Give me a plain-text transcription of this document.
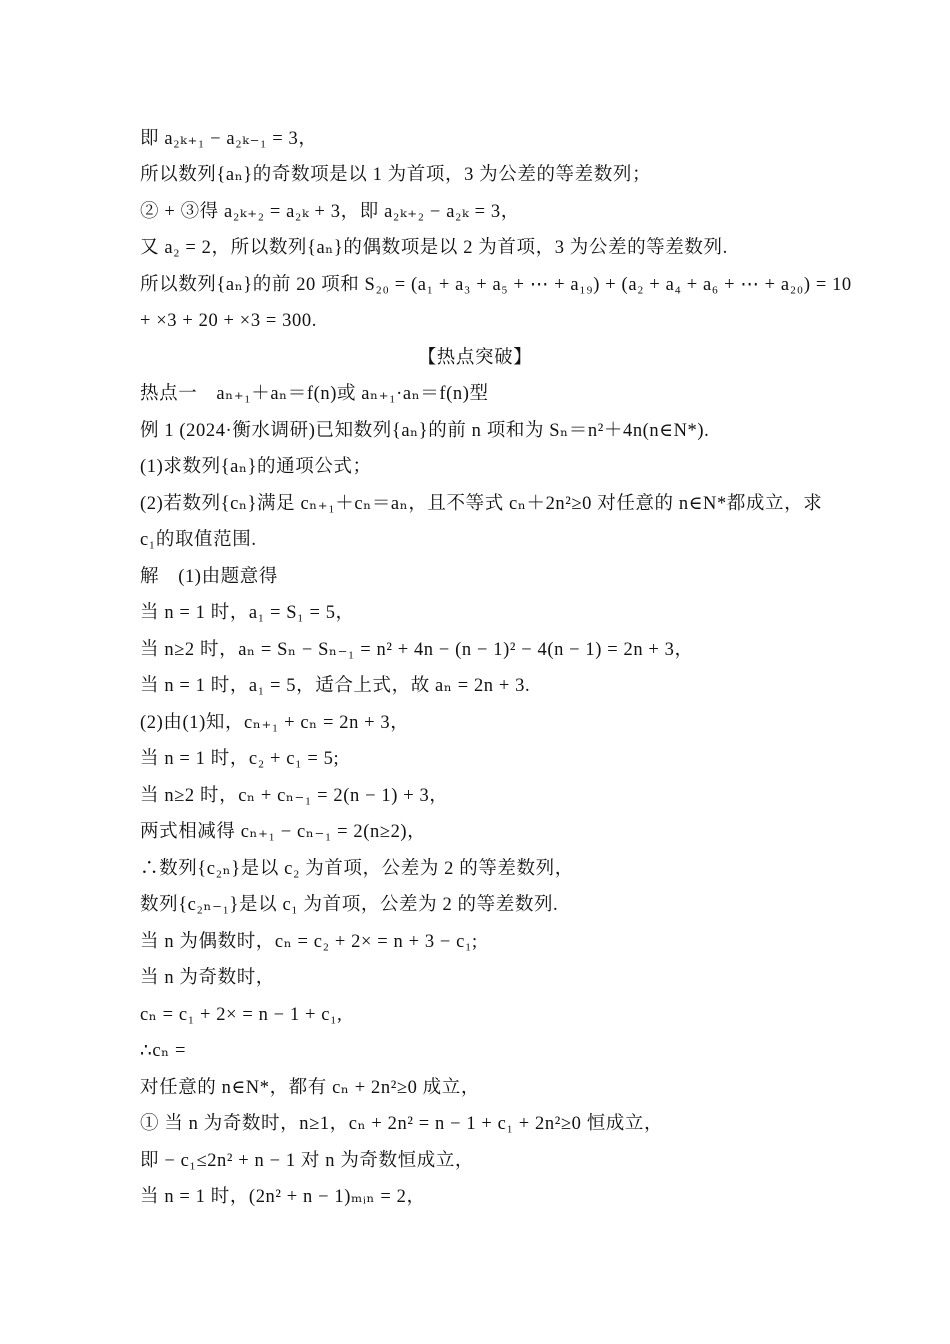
即 a₂ₖ₊₁ − a₂ₖ₋₁ = 3，
所以数列{aₙ}的奇数项是以 1 为首项，3 为公差的等差数列；
② + ③得 a₂ₖ₊₂ = a₂ₖ + 3，即 a₂ₖ₊₂ − a₂ₖ = 3，
又 a₂ = 2，所以数列{aₙ}的偶数项是以 2 为首项，3 为公差的等差数列.
所以数列{aₙ}的前 20 项和 S₂₀ = (a₁ + a₃ + a₅ + ⋯ + a₁₉) + (a₂ + a₄ + a₆ + ⋯ + a₂₀) = 10
+ ×3 + 20 + ×3 = 300.
【热点突破】
热点一　aₙ₊₁＋aₙ＝f(n)或 aₙ₊₁·aₙ＝f(n)型
例 1 (2024·衡水调研)已知数列{aₙ}的前 n 项和为 Sₙ＝n²＋4n(n∈N*).
(1)求数列{aₙ}的通项公式；
(2)若数列{cₙ}满足 cₙ₊₁＋cₙ＝aₙ，且不等式 cₙ＋2n²≥0 对任意的 n∈N*都成立，求
c₁的取值范围.
解　(1)由题意得
当 n = 1 时，a₁ = S₁ = 5，
当 n≥2 时，aₙ = Sₙ − Sₙ₋₁ = n² + 4n − (n − 1)² − 4(n − 1) = 2n + 3，
当 n = 1 时，a₁ = 5，适合上式，故 aₙ = 2n + 3.
(2)由(1)知，cₙ₊₁ + cₙ = 2n + 3，
当 n = 1 时，c₂ + c₁ = 5;
当 n≥2 时，cₙ + cₙ₋₁ = 2(n − 1) + 3，
两式相减得 cₙ₊₁ − cₙ₋₁ = 2(n≥2)，
∴数列{c₂ₙ}是以 c₂ 为首项，公差为 2 的等差数列，
数列{c₂ₙ₋₁}是以 c₁ 为首项，公差为 2 的等差数列.
当 n 为偶数时，cₙ = c₂ + 2× = n + 3 − c₁;
当 n 为奇数时，
cₙ = c₁ + 2× = n − 1 + c₁,
∴cₙ =
对任意的 n∈N*，都有 cₙ + 2n²≥0 成立，
① 当 n 为奇数时，n≥1，cₙ + 2n² = n − 1 + c₁ + 2n²≥0 恒成立，
即 − c₁≤2n² + n − 1 对 n 为奇数恒成立，
当 n = 1 时，(2n² + n − 1)ₘᵢₙ = 2，
